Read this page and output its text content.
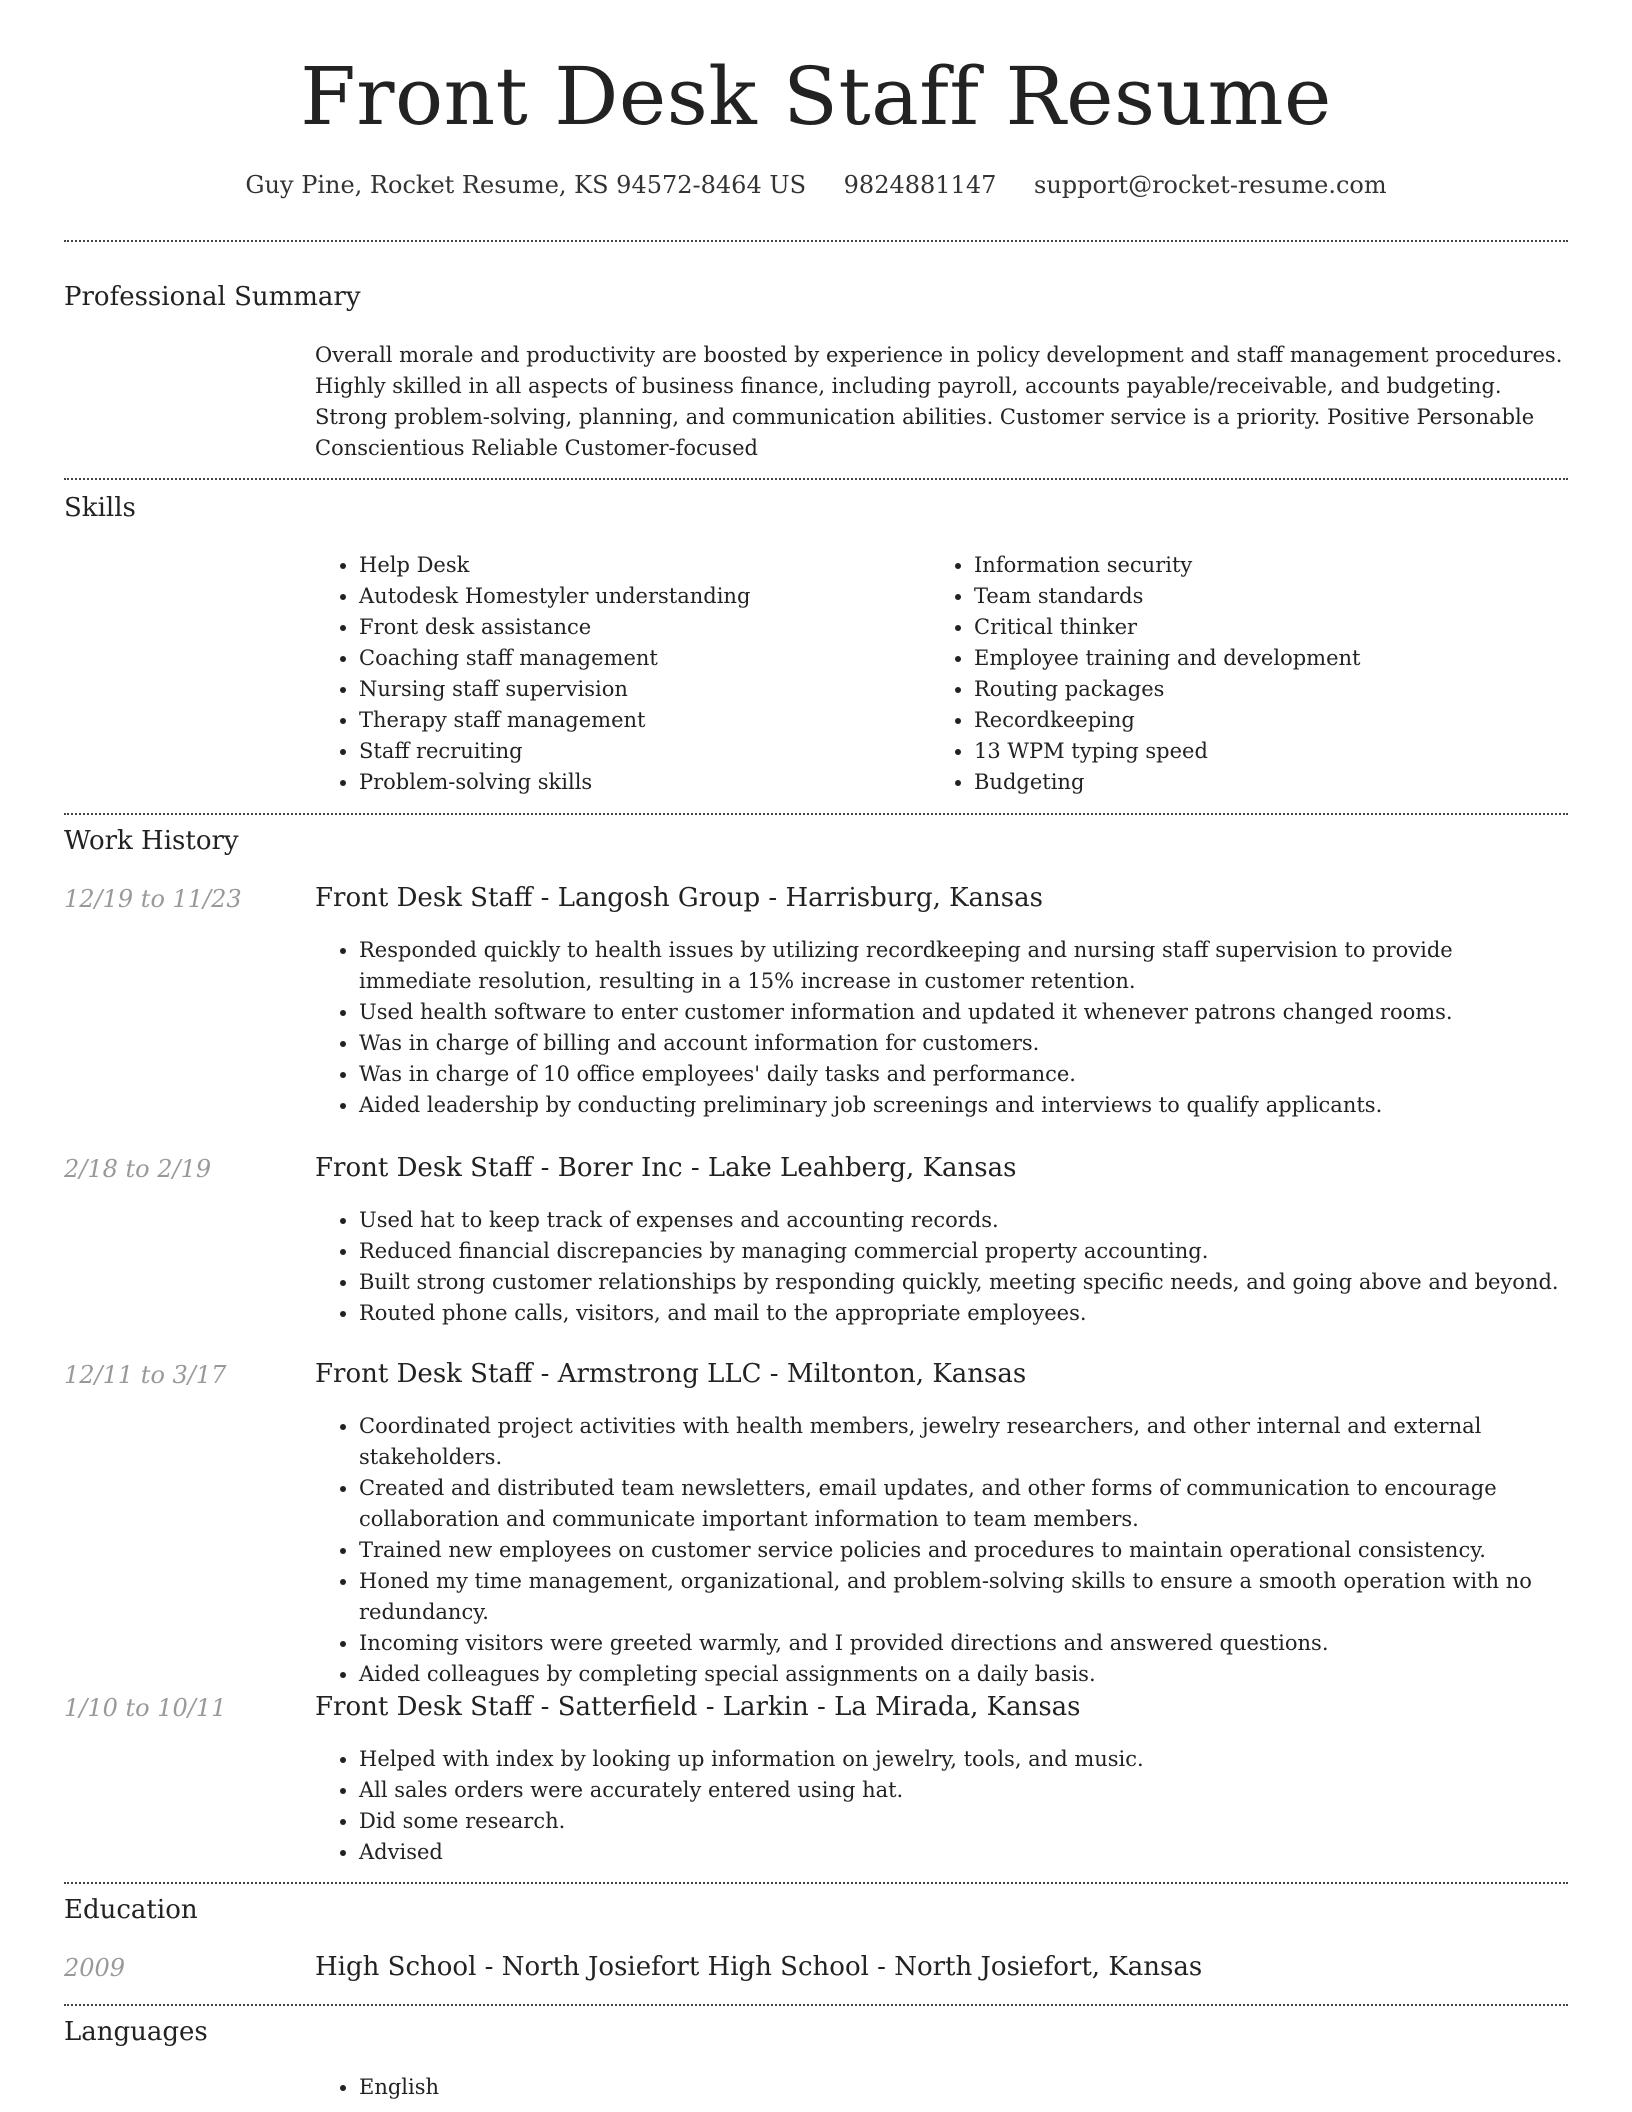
Front Desk Staff Resume
Guy Pine, Rocket Resume, KS 94572-8464 US 9824881147 support@rocket-resume.com
Professional Summary
Overall morale and productivity are boosted by experience in policy development and staff management procedures. Highly skilled in all aspects of business finance, including payroll, accounts payable/receivable, and budgeting. Strong problem-solving, planning, and communication abilities. Customer service is a priority. Positive Personable Conscientious Reliable Customer-focused
Skills
• Help Desk
• Autodesk Homestyler understanding
• Front desk assistance
• Coaching staff management
• Nursing staff supervision
• Therapy staff management
• Staff recruiting
• Problem-solving skills
• Information security
• Team standards
• Critical thinker
• Employee training and development
• Routing packages
• Recordkeeping
• 13 WPM typing speed
• Budgeting
Work History
12/19 to 11/23	Front Desk Staff - Langosh Group - Harrisburg, Kansas
• Responded quickly to health issues by utilizing recordkeeping and nursing staff supervision to provide immediate resolution, resulting in a 15% increase in customer retention.
• Used health software to enter customer information and updated it whenever patrons changed rooms.
• Was in charge of billing and account information for customers.
• Was in charge of 10 office employees' daily tasks and performance.
• Aided leadership by conducting preliminary job screenings and interviews to qualify applicants.
2/18 to 2/19	Front Desk Staff - Borer Inc - Lake Leahberg, Kansas
• Used hat to keep track of expenses and accounting records.
• Reduced financial discrepancies by managing commercial property accounting.
• Built strong customer relationships by responding quickly, meeting specific needs, and going above and beyond.
• Routed phone calls, visitors, and mail to the appropriate employees.
12/11 to 3/17	Front Desk Staff - Armstrong LLC - Miltonton, Kansas
• Coordinated project activities with health members, jewelry researchers, and other internal and external stakeholders.
• Created and distributed team newsletters, email updates, and other forms of communication to encourage collaboration and communicate important information to team members.
• Trained new employees on customer service policies and procedures to maintain operational consistency.
• Honed my time management, organizational, and problem-solving skills to ensure a smooth operation with no redundancy.
• Incoming visitors were greeted warmly, and I provided directions and answered questions.
• Aided colleagues by completing special assignments on a daily basis.
1/10 to 10/11	Front Desk Staff - Satterfield - Larkin - La Mirada, Kansas
• Helped with index by looking up information on jewelry, tools, and music.
• All sales orders were accurately entered using hat.
• Did some research.
• Advised
Education
2009	High School - North Josiefort High School - North Josiefort, Kansas
Languages
• English
